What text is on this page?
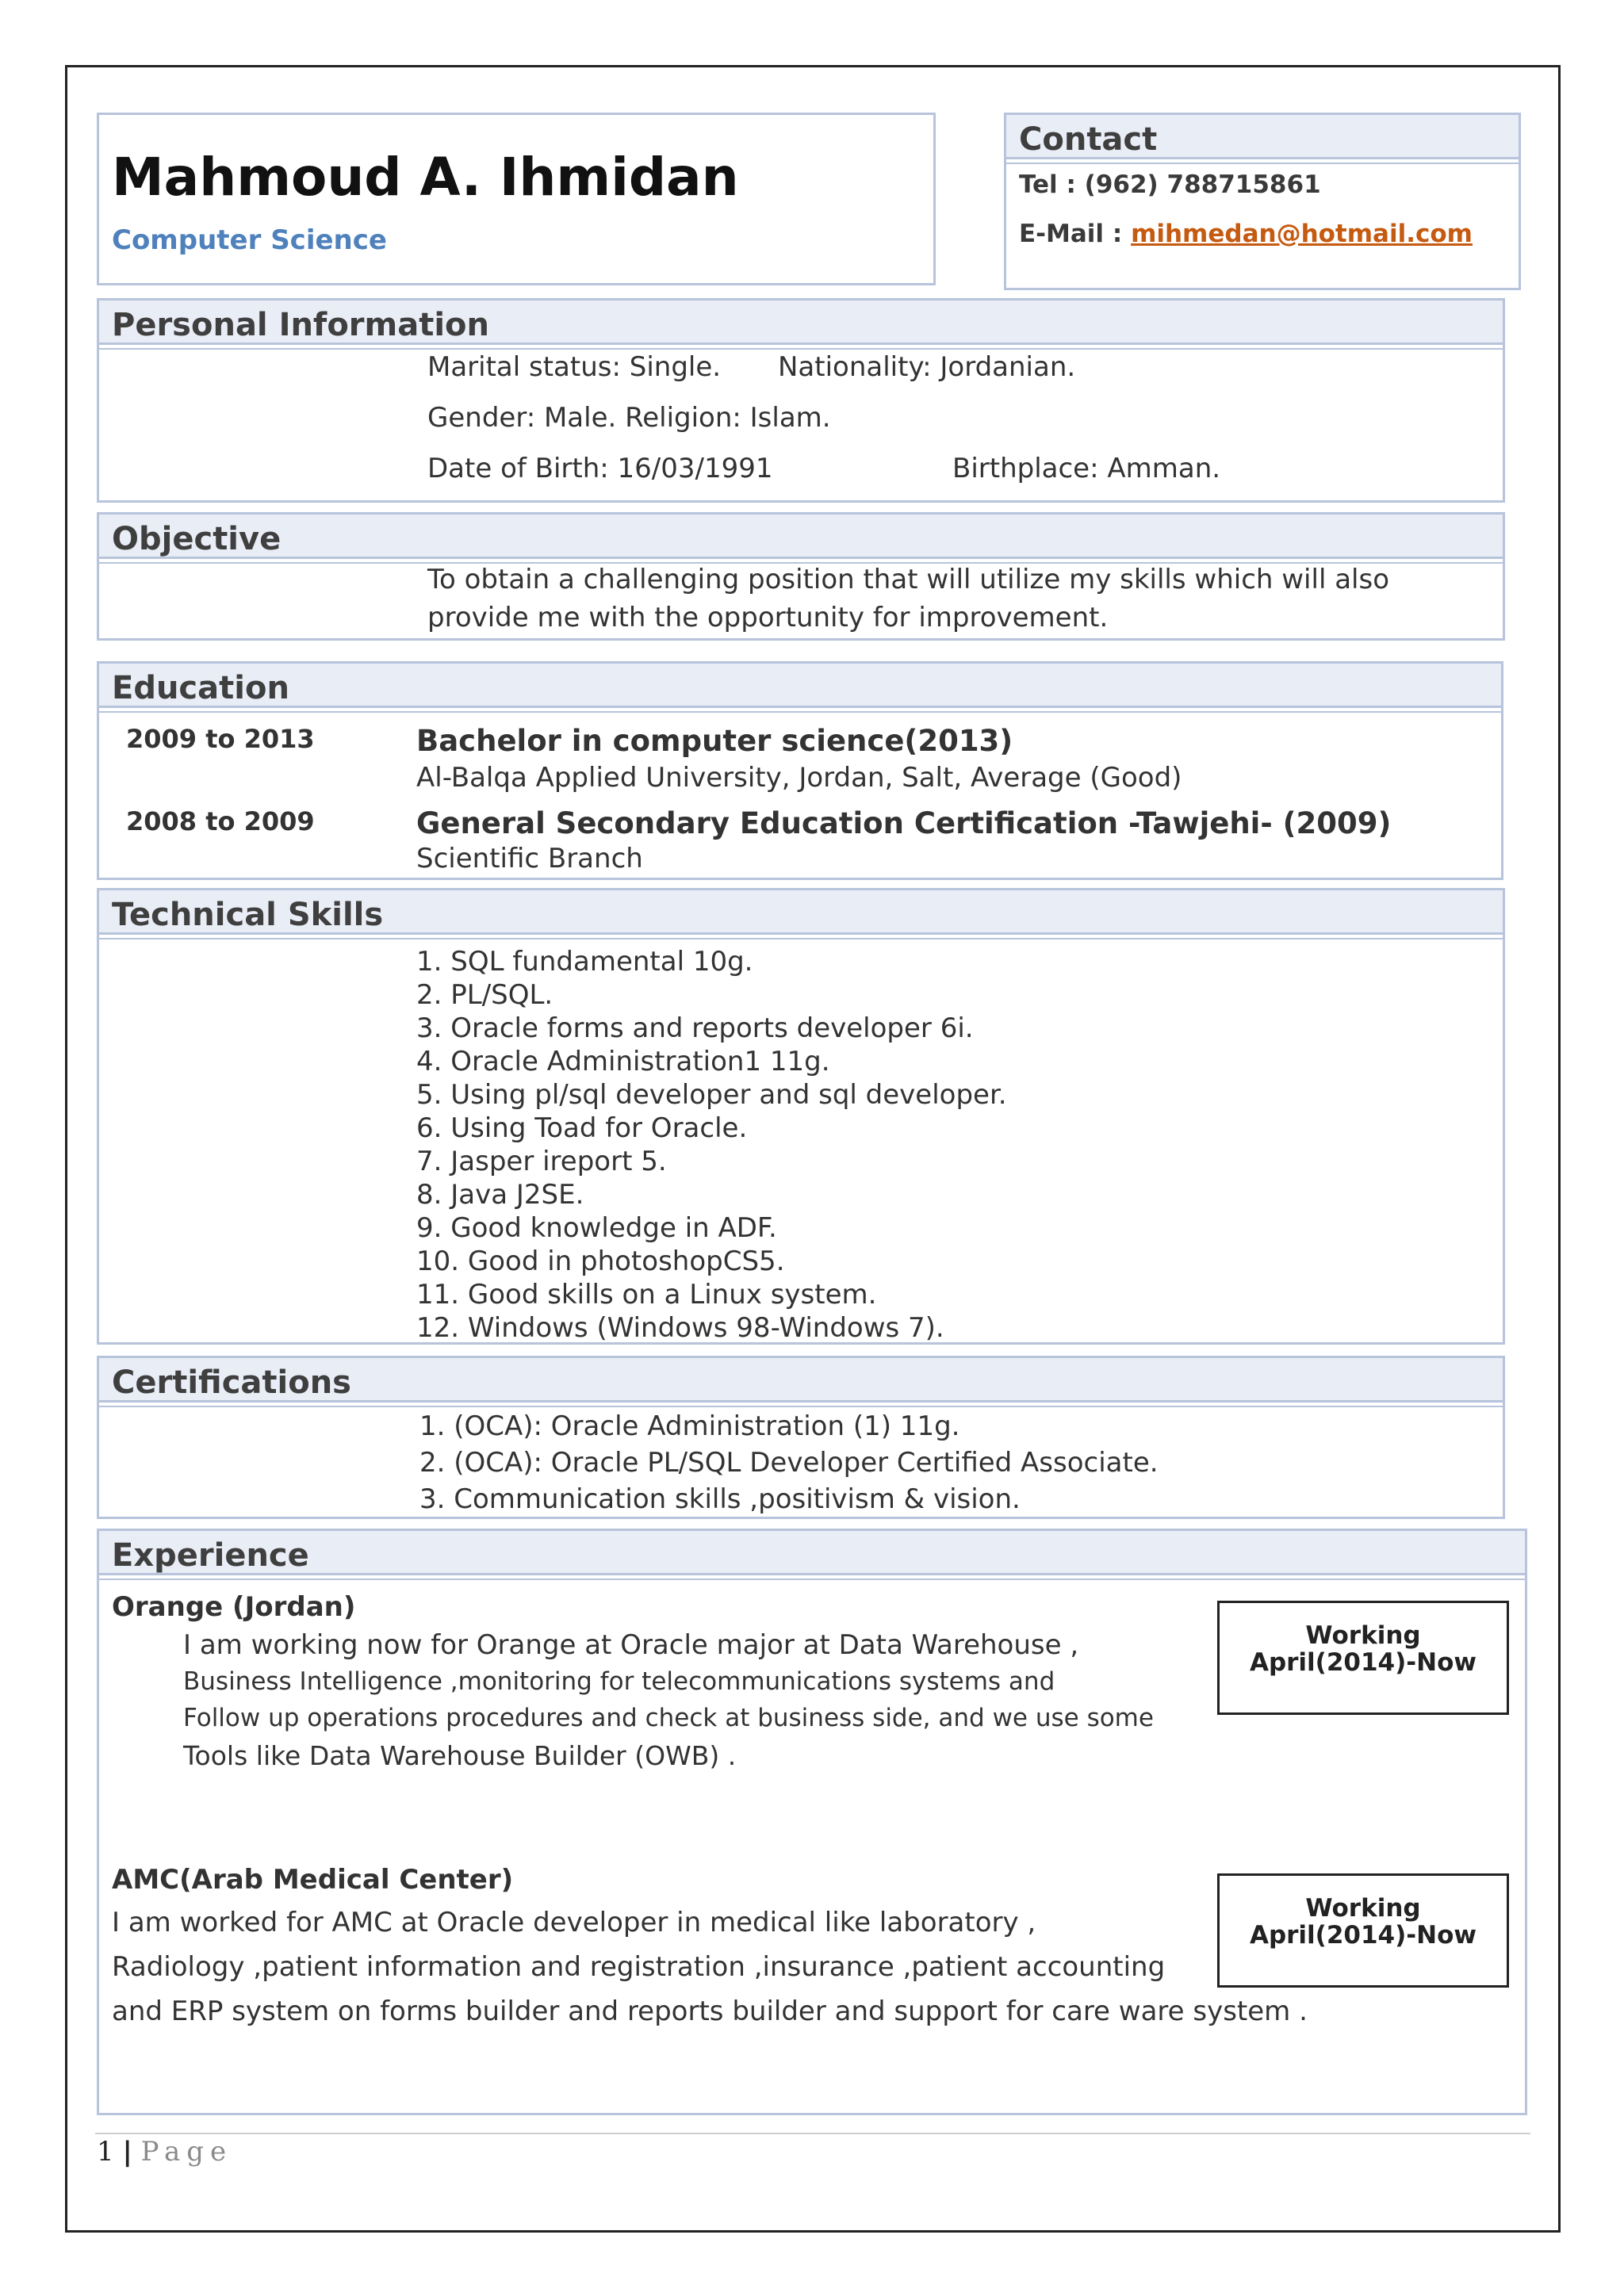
Mahmoud A. Ihmidan
Computer Science
Contact
Tel : (962) 788715861
E-Mail : mihmedan@hotmail.com
Personal Information
Marital status: Single. Nationality: Jordanian.
Gender: Male. Religion: Islam.
Date of Birth: 16/03/1991	Birthplace: Amman.
Objective
To obtain a challenging position that will utilize my skills which will also
provide me with the opportunity for improvement.
Education
2009 to 2013	Bachelor in computer science(2013)
Al-Balqa Applied University, Jordan, Salt, Average (Good)
2008 to 2009	General Secondary Education Certification -Tawjehi- (2009)
Scientific Branch
Technical Skills
1. SQL fundamental 10g.
2. PL/SQL.
3. Oracle forms and reports developer 6i.
4. Oracle Administration1 11g.
5. Using pl/sql developer and sql developer.
6. Using Toad for Oracle.
7. Jasper ireport 5.
8. Java J2SE.
9. Good knowledge in ADF.
10. Good in photoshopCS5.
11. Good skills on a Linux system.
12. Windows (Windows 98-Windows 7).
Certifications
1. (OCA): Oracle Administration (1) 11g.
2. (OCA): Oracle PL/SQL Developer Certified Associate.
3. Communication skills ,positivism & vision.
Experience
Orange (Jordan)
I am working now for Orange at Oracle major at Data Warehouse ,
Business Intelligence ,monitoring for telecommunications systems and
Follow up operations procedures and check at business side, and we use some
Tools like Data Warehouse Builder (OWB) .
Working
April(2014)-Now
AMC(Arab Medical Center)
I am worked for AMC at Oracle developer in medical like laboratory ,
Radiology ,patient information and registration ,insurance ,patient accounting
and ERP system on forms builder and reports builder and support for care ware system .
Working
April(2014)-Now
1 | Page
